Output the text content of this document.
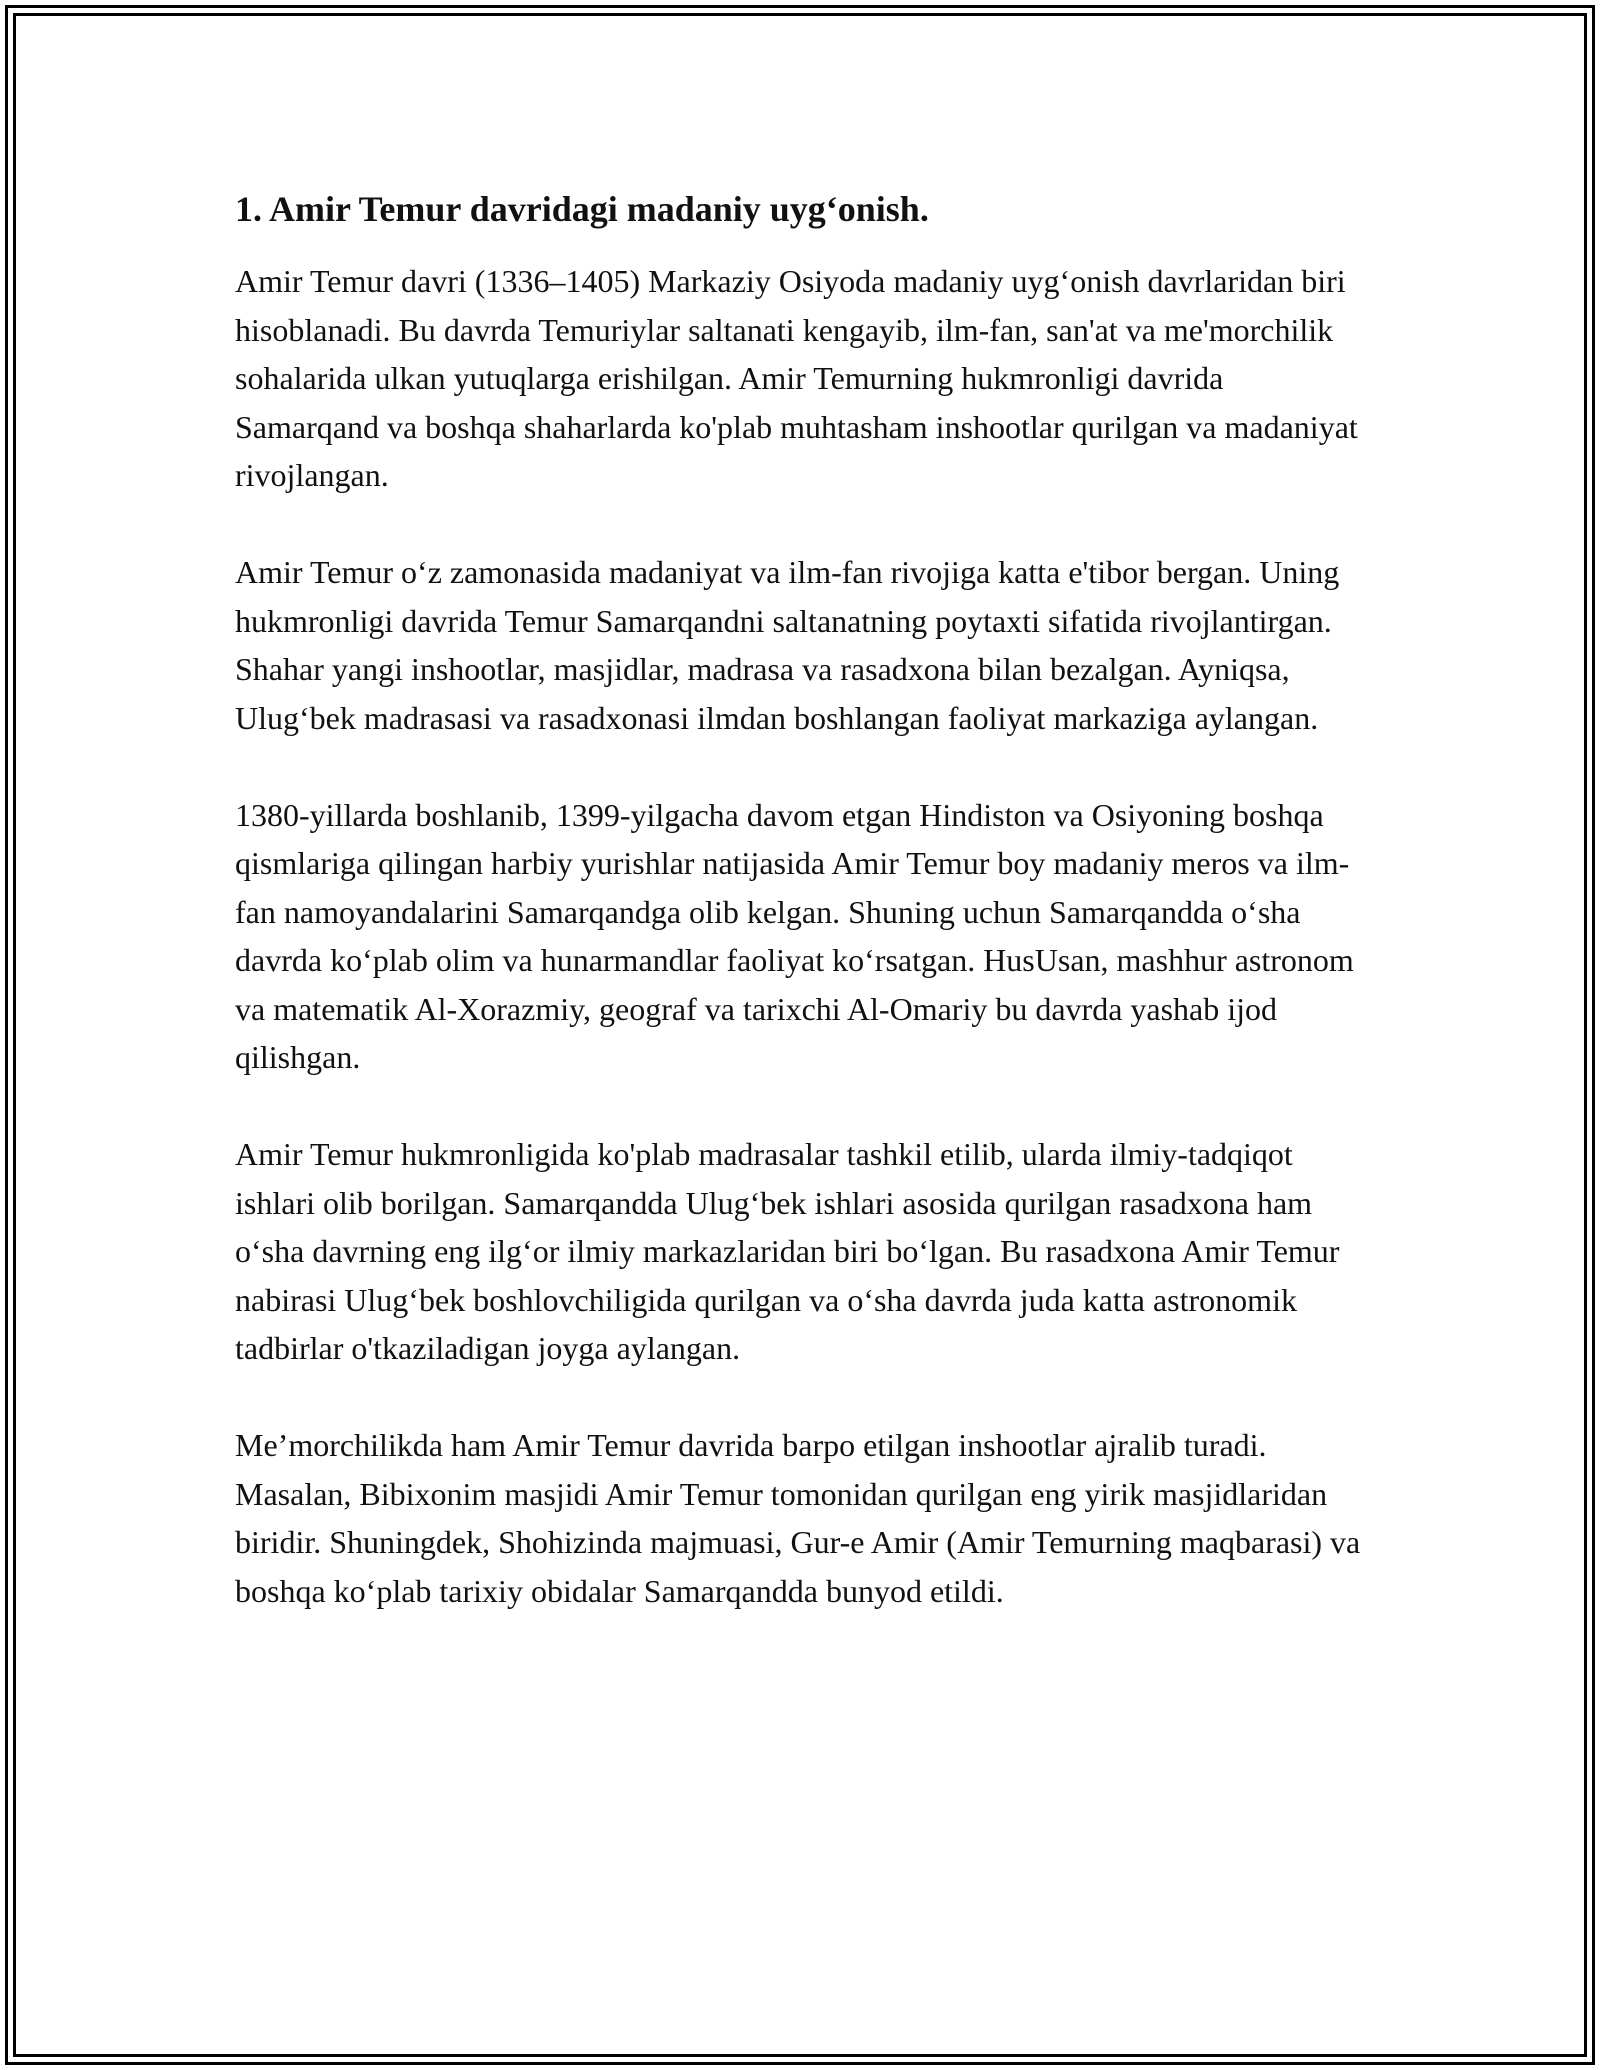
1. Amir Temur davridagi madaniy uyg‘onish.

Amir Temur davri (1336–1405) Markaziy Osiyoda madaniy uyg‘onish davrlaridan biri hisoblanadi. Bu davrda Temuriylar saltanati kengayib, ilm-fan, san'at va me'morchilik sohalarida ulkan yutuqlarga erishilgan. Amir Temurning hukmronligi davrida Samarqand va boshqa shaharlarda ko'plab muhtasham inshootlar qurilgan va madaniyat rivojlangan.

Amir Temur o‘z zamonasida madaniyat va ilm-fan rivojiga katta e'tibor bergan. Uning hukmronligi davrida Temur Samarqandni saltanatning poytaxti sifatida rivojlantirgan. Shahar yangi inshootlar, masjidlar, madrasa va rasadxona bilan bezalgan. Ayniqsa, Ulug‘bek madrasasi va rasadxonasi ilmdan boshlangan faoliyat markaziga aylangan.

1380-yillarda boshlanib, 1399-yilgacha davom etgan Hindiston va Osiyoning boshqa qismlariga qilingan harbiy yurishlar natijasida Amir Temur boy madaniy meros va ilm-fan namoyandalarini Samarqandga olib kelgan. Shuning uchun Samarqandda o‘sha davrda ko‘plab olim va hunarmandlar faoliyat ko‘rsatgan. HusUsan, mashhur astronom va matematik Al-Xorazmiy, geograf va tarixchi Al-Omariy bu davrda yashab ijod qilishgan.

Amir Temur hukmronligida ko'plab madrasalar tashkil etilib, ularda ilmiy-tadqiqot ishlari olib borilgan. Samarqandda Ulug‘bek ishlari asosida qurilgan rasadxona ham o‘sha davrning eng ilg‘or ilmiy markazlaridan biri bo‘lgan. Bu rasadxona Amir Temur nabirasi Ulug‘bek boshlovchiligida qurilgan va o‘sha davrda juda katta astronomik tadbirlar o'tkaziladigan joyga aylangan.

Me’morchilikda ham Amir Temur davrida barpo etilgan inshootlar ajralib turadi. Masalan, Bibixonim masjidi Amir Temur tomonidan qurilgan eng yirik masjidlaridan biridir. Shuningdek, Shohizinda majmuasi, Gur-e Amir (Amir Temurning maqbarasi) va boshqa ko‘plab tarixiy obidalar Samarqandda bunyod etildi.
